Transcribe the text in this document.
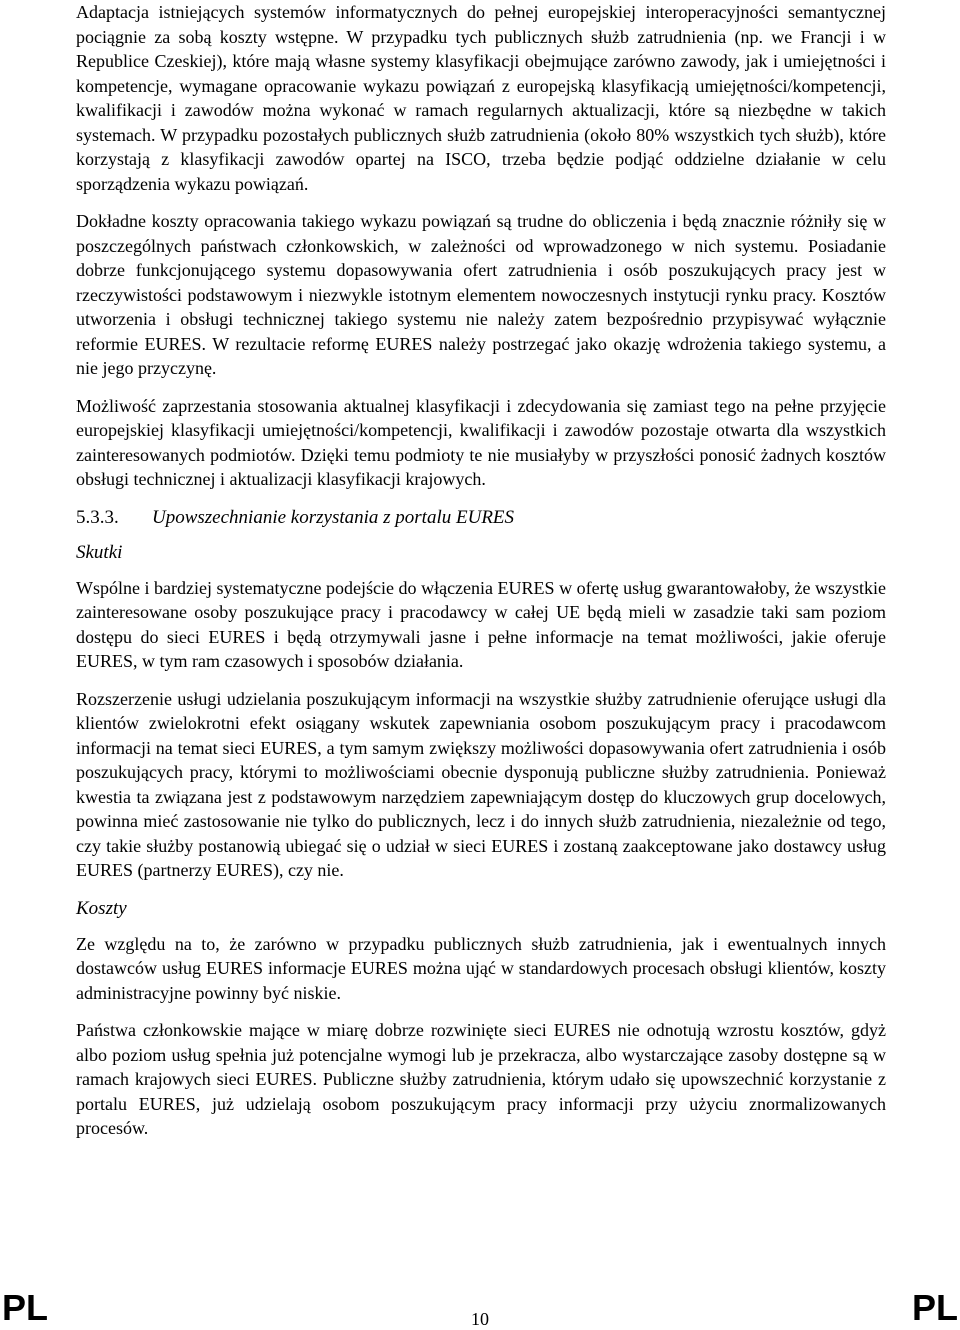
Adaptacja istniejących systemów informatycznych do pełnej europejskiej interoperacyjności semantycznej pociągnie za sobą koszty wstępne. W przypadku tych publicznych służb zatrudnienia (np. we Francji i w Republice Czeskiej), które mają własne systemy klasyfikacji obejmujące zarówno zawody, jak i umiejętności i kompetencje, wymagane opracowanie wykazu powiązań z europejską klasyfikacją umiejętności/kompetencji, kwalifikacji i zawodów można wykonać w ramach regularnych aktualizacji, które są niezbędne w takich systemach. W przypadku pozostałych publicznych służb zatrudnienia (około 80% wszystkich tych służb), które korzystają z klasyfikacji zawodów opartej na ISCO, trzeba będzie podjąć oddzielne działanie w celu sporządzenia wykazu powiązań.

Dokładne koszty opracowania takiego wykazu powiązań są trudne do obliczenia i będą znacznie różniły się w poszczególnych państwach członkowskich, w zależności od wprowadzonego w nich systemu. Posiadanie dobrze funkcjonującego systemu dopasowywania ofert zatrudnienia i osób poszukujących pracy jest w rzeczywistości podstawowym i niezwykle istotnym elementem nowoczesnych instytucji rynku pracy. Kosztów utworzenia i obsługi technicznej takiego systemu nie należy zatem bezpośrednio przypisywać wyłącznie reformie EURES. W rezultacie reformę EURES należy postrzegać jako okazję wdrożenia takiego systemu, a nie jego przyczynę.

Możliwość zaprzestania stosowania aktualnej klasyfikacji i zdecydowania się zamiast tego na pełne przyjęcie europejskiej klasyfikacji umiejętności/kompetencji, kwalifikacji i zawodów pozostaje otwarta dla wszystkich zainteresowanych podmiotów. Dzięki temu podmioty te nie musiałyby w przyszłości ponosić żadnych kosztów obsługi technicznej i aktualizacji klasyfikacji krajowych.

5.3.3. Upowszechnianie korzystania z portalu EURES
Skutki

Wspólne i bardziej systematyczne podejście do włączenia EURES w ofertę usług gwarantowałoby, że wszystkie zainteresowane osoby poszukujące pracy i pracodawcy w całej UE będą mieli w zasadzie taki sam poziom dostępu do sieci EURES i będą otrzymywali jasne i pełne informacje na temat możliwości, jakie oferuje EURES, w tym ram czasowych i sposobów działania.

Rozszerzenie usługi udzielania poszukującym informacji na wszystkie służby zatrudnienie oferujące usługi dla klientów zwielokrotni efekt osiągany wskutek zapewniania osobom poszukującym pracy i pracodawcom informacji na temat sieci EURES, a tym samym zwiększy możliwości dopasowywania ofert zatrudnienia i osób poszukujących pracy, którymi to możliwościami obecnie dysponują publiczne służby zatrudnienia. Ponieważ kwestia ta związana jest z podstawowym narzędziem zapewniającym dostęp do kluczowych grup docelowych, powinna mieć zastosowanie nie tylko do publicznych, lecz i do innych służb zatrudnienia, niezależnie od tego, czy takie służby postanowią ubiegać się o udział w sieci EURES i zostaną zaakceptowane jako dostawcy usług EURES (partnerzy EURES), czy nie.

Koszty

Ze względu na to, że zarówno w przypadku publicznych służb zatrudnienia, jak i ewentualnych innych dostawców usług EURES informacje EURES można ująć w standardowych procesach obsługi klientów, koszty administracyjne powinny być niskie.

Państwa członkowskie mające w miarę dobrze rozwinięte sieci EURES nie odnotują wzrostu kosztów, gdyż albo poziom usług spełnia już potencjalne wymogi lub je przekracza, albo wystarczające zasoby dostępne są w ramach krajowych sieci EURES. Publiczne służby zatrudnienia, którym udało się upowszechnić korzystanie z portalu EURES, już udzielają osobom poszukującym pracy informacji przy użyciu znormalizowanych procesów.

PL	10	PL
